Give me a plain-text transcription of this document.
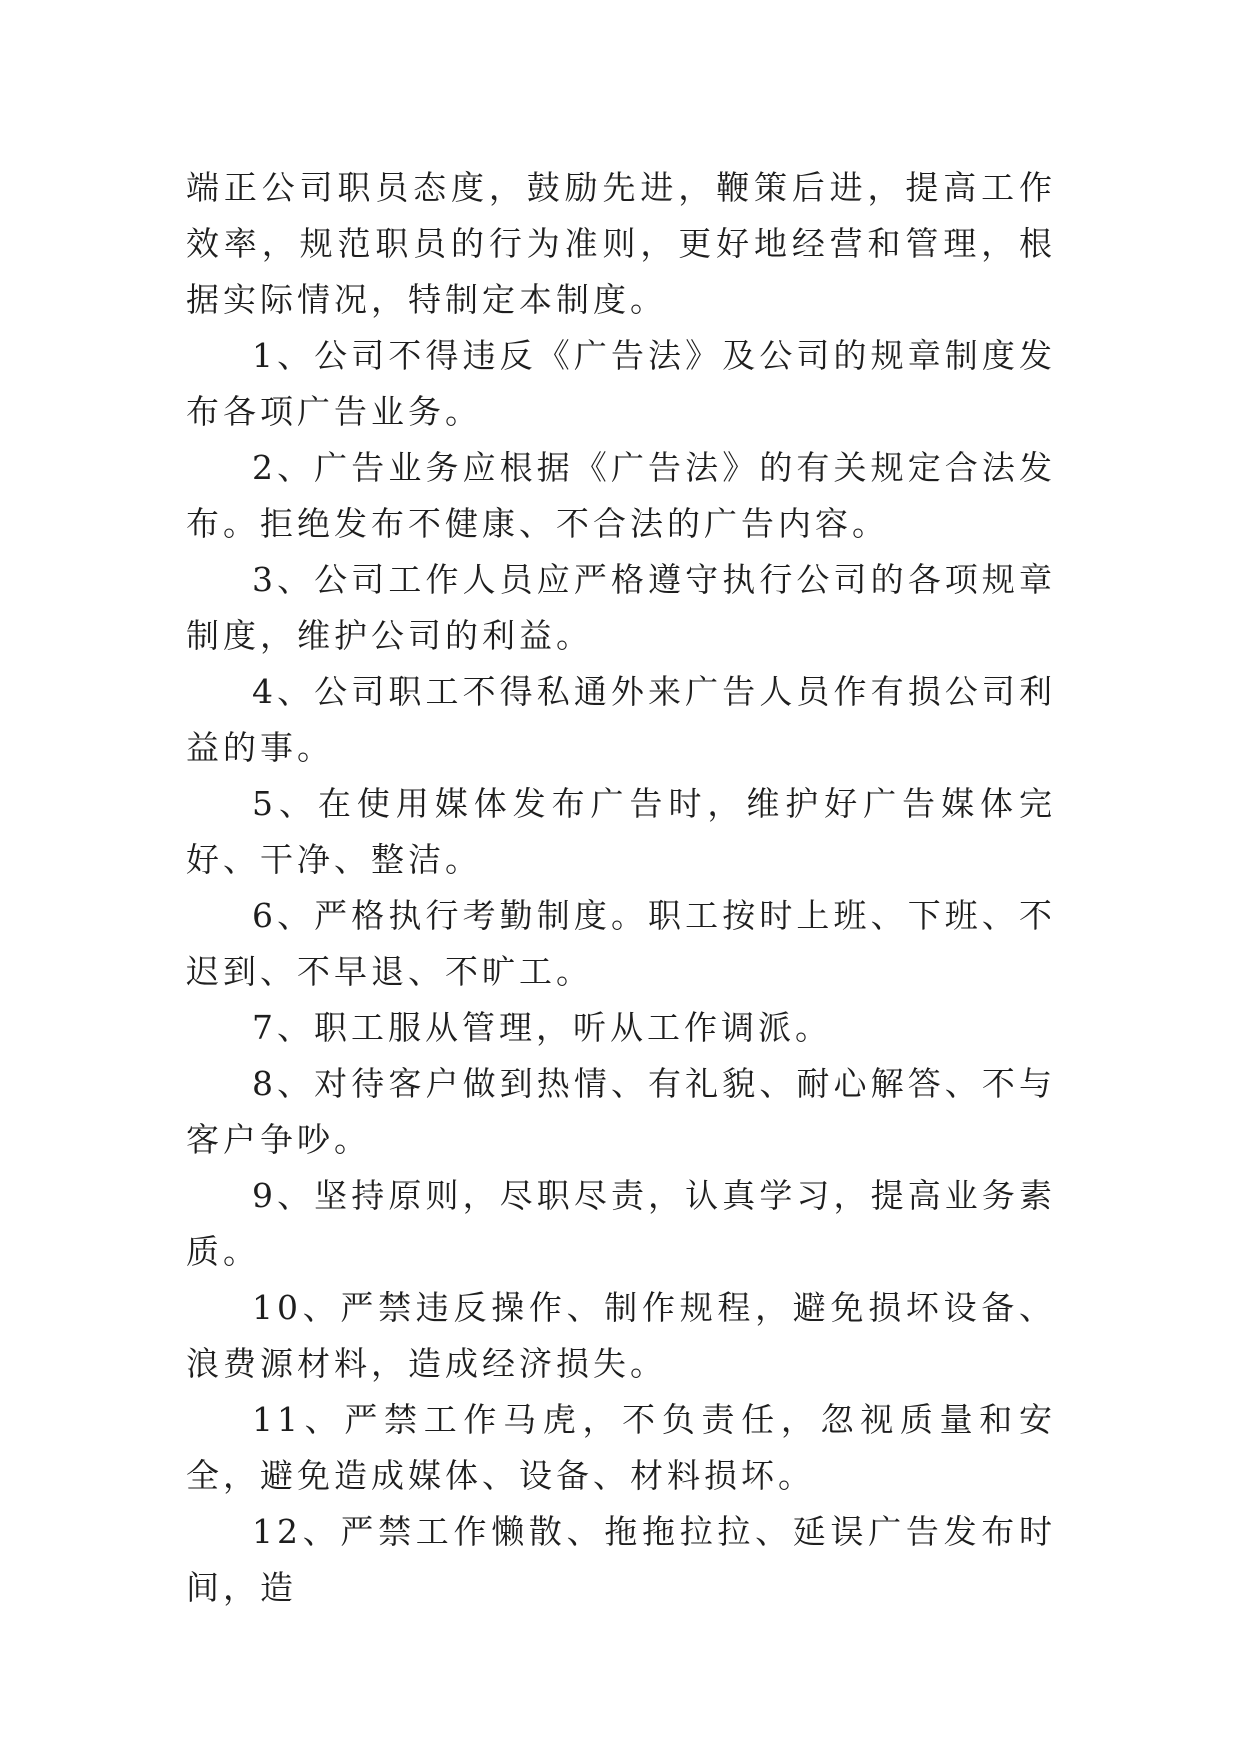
端正公司职员态度，鼓励先进，鞭策后进，提高工作效率，规范职员的行为准则，更好地经营和管理，根据实际情况，特制定本制度。

1、公司不得违反《广告法》及公司的规章制度发布各项广告业务。

2、广告业务应根据《广告法》的有关规定合法发布。拒绝发布不健康、不合法的广告内容。

3、公司工作人员应严格遵守执行公司的各项规章制度，维护公司的利益。

4、公司职工不得私通外来广告人员作有损公司利益的事。

5、在使用媒体发布广告时，维护好广告媒体完好、干净、整洁。

6、严格执行考勤制度。职工按时上班、下班、不迟到、不早退、不旷工。

7、职工服从管理，听从工作调派。

8、对待客户做到热情、有礼貌、耐心解答、不与客户争吵。

9、坚持原则，尽职尽责，认真学习，提高业务素质。

10、严禁违反操作、制作规程，避免损坏设备、浪费源材料，造成经济损失。

11、严禁工作马虎，不负责任，忽视质量和安全，避免造成媒体、设备、材料损坏。

12、严禁工作懒散、拖拖拉拉、延误广告发布时间，造
